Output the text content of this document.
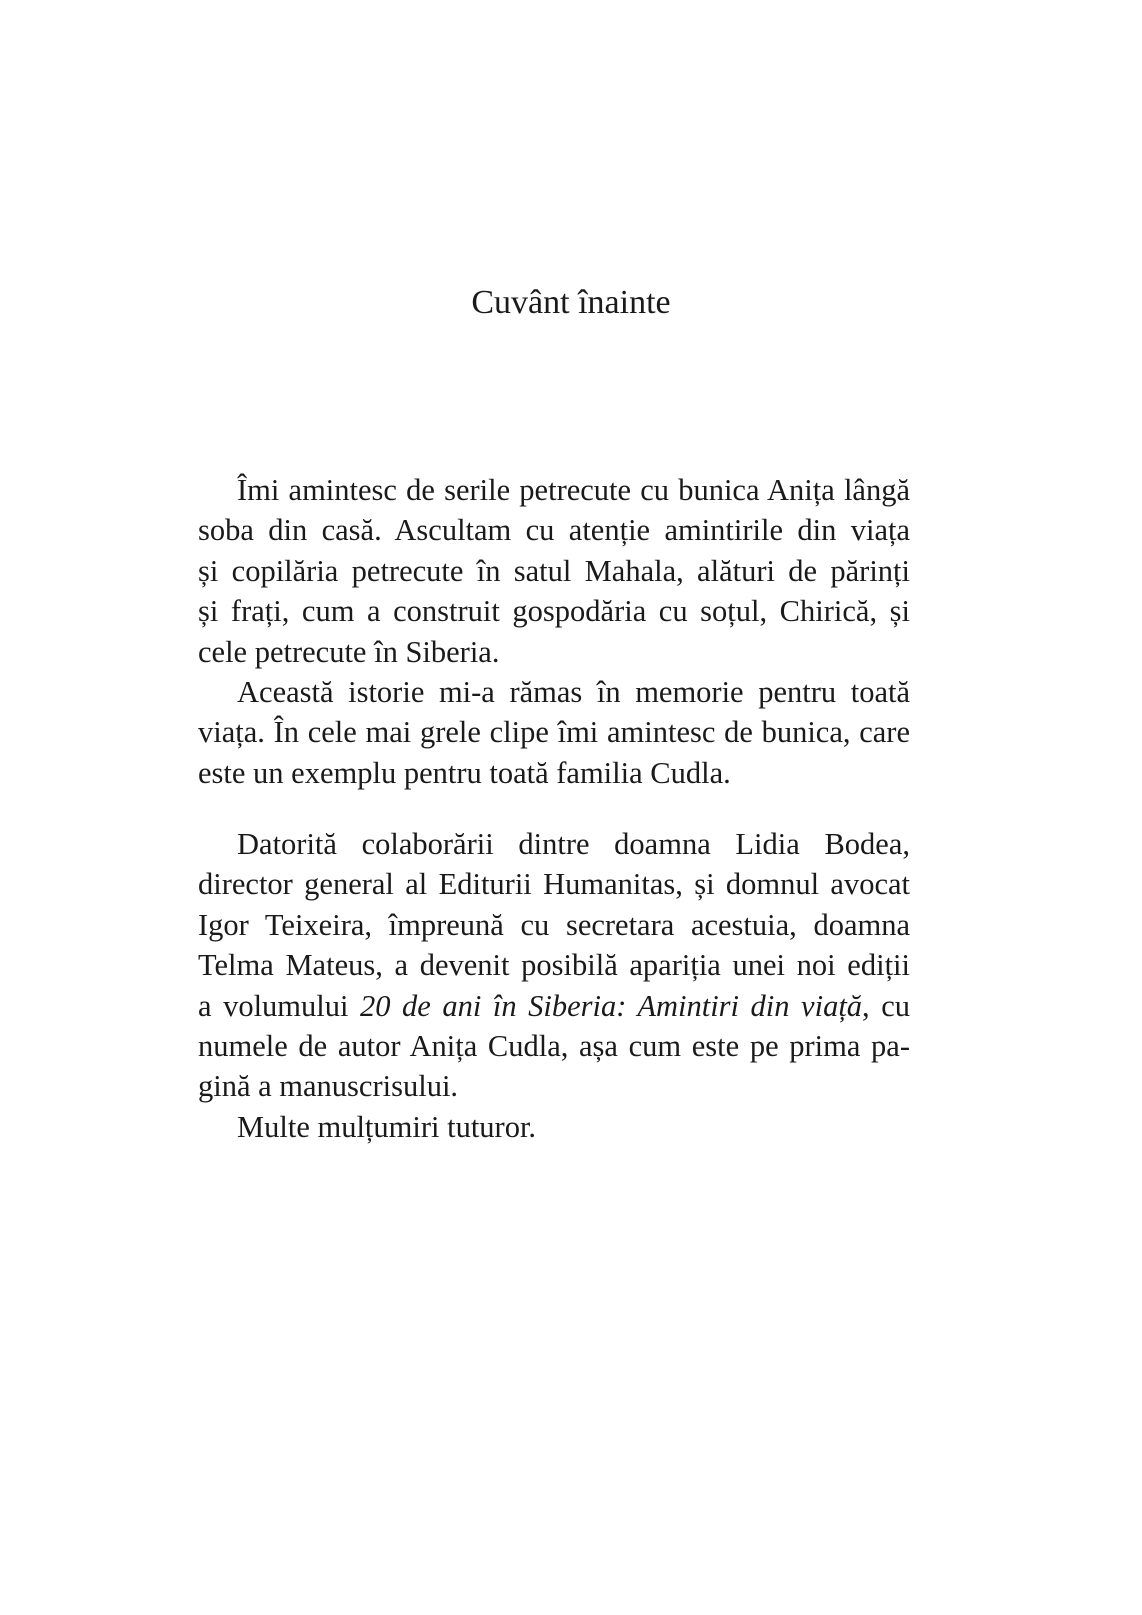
Cuvânt înainte
Îmi amintesc de serile petrecute cu bunica Anița lângă
soba din casă. Ascultam cu atenție amintirile din viața
și copilăria petrecute în satul Mahala, alături de părinți
și frați, cum a construit gospodăria cu soțul, Chirică, și
cele petrecute în Siberia.
Această istorie mi-a rămas în memorie pentru toată
viața. În cele mai grele clipe îmi amintesc de bunica, care
este un exemplu pentru toată familia Cudla.
Datorită colaborării dintre doamna Lidia Bodea,
director general al Editurii Humanitas, și domnul avocat
Igor Teixeira, împreună cu secretara acestuia, doamna
Telma Mateus, a devenit posibilă apariția unei noi ediții
a volumului 20 de ani în Siberia: Amintiri din viață, cu
numele de autor Anița Cudla, așa cum este pe prima pa-
gină a manuscrisului.
Multe mulțumiri tuturor.
